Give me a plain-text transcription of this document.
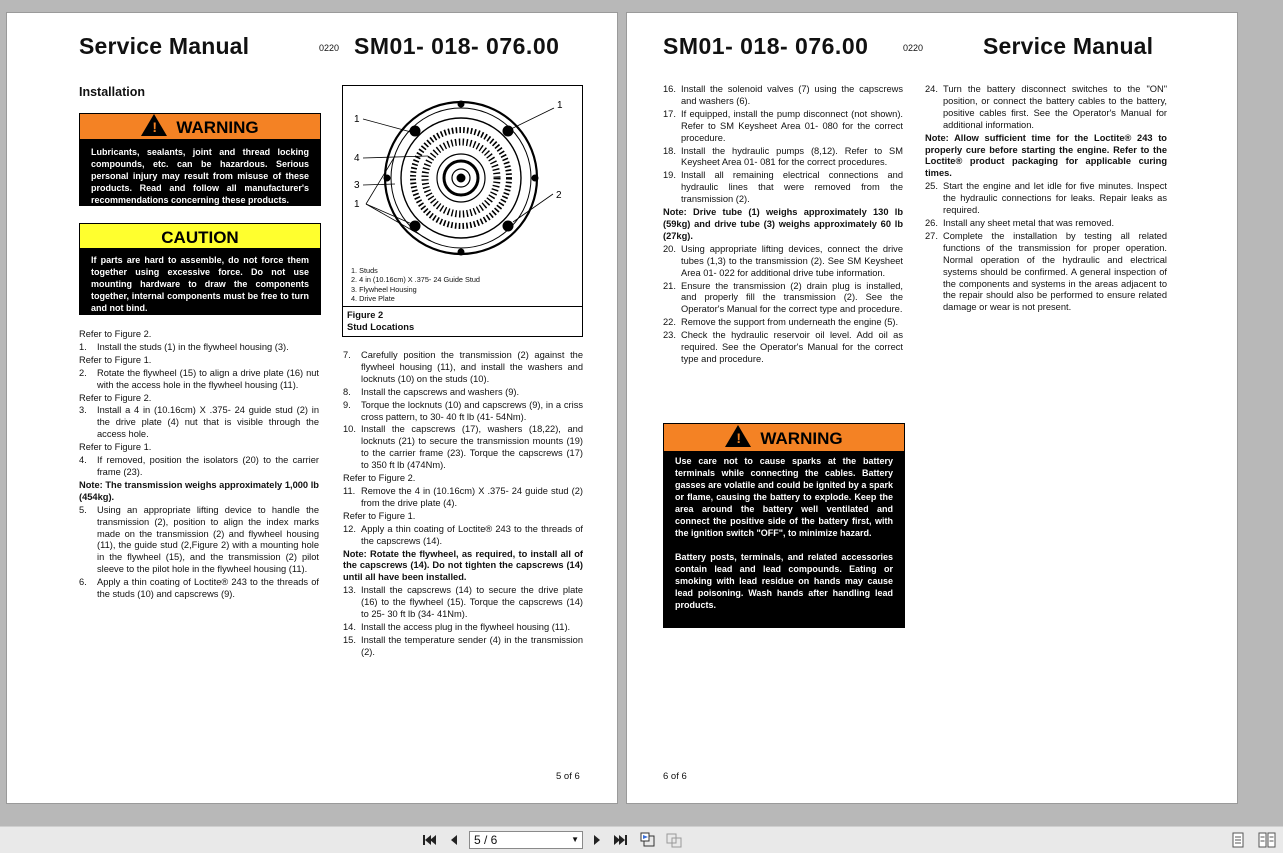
Service Manual	0220 SM01- 018- 076.00
Installation
! WARNING

Lubricants, sealants, joint and thread locking compounds, etc. can be hazardous. Serious personal injury may result from misuse of these products. Read and follow all manufacturer's recommendations concerning these products.

CAUTION

If parts are hard to assemble, do not force them together using excessive force. Do not use mounting hardware to draw the components together, internal components must be free to turn and not bind.

1
1
4
3
1
2
1. Studs
2. 4 in (10.16cm) X .375- 24 Guide Stud
3. Flywheel Housing
4. Drive Plate
Figure 2
Stud Locations

Refer to Figure 2.

1.	Install the studs (1) in the flywheel housing (3).

Refer to Figure 1.

2.	Rotate the flywheel (15) to align a drive plate (16) nut with the access hole in the flywheel housing (11).

Refer to Figure 2.

3.	Install a 4 in (10.16cm) X .375- 24 guide stud (2) in the drive plate (4) nut that is visible through the access hole.

Refer to Figure 1.

4.	If removed, position the isolators (20) to the carrier frame (23).

Note: The transmission weighs approximately 1,000 lb (454kg).

5.	Using an appropriate lifting device to handle the transmission (2), position to align the index marks made on the transmission (2) and flywheel housing (11), the guide stud (2,Figure 2) with a mounting hole in the flywheel (15), and the transmission (2) pilot sleeve to the pilot hole in the flywheel housing (11).
6.	Apply a thin coating of Loctite® 243 to the threads of the studs (10) and capscrews (9).
7.	Carefully position the transmission (2) against the flywheel housing (11), and install the washers and locknuts (10) on the studs (10).
8.	Install the capscrews and washers (9).
9.	Torque the locknuts (10) and capscrews (9), in a criss cross pattern, to 30- 40 ft lb (41- 54Nm).
10. Install the capscrews (17), washers (18,22), and locknuts (21) to secure the transmission mounts (19) to the carrier frame (23). Torque the capscrews (17) to 350 ft lb (474Nm).

Refer to Figure 2.

11. Remove the 4 in (10.16cm) X .375- 24 guide stud (2) from the drive plate (4).

Refer to Figure 1.

12. Apply a thin coating of Loctite® 243 to the threads of the capscrews (14).

Note: Rotate the flywheel, as required, to install all of the capscrews (14). Do not tighten the capscrews (14) until all have been installed.

13. Install the capscrews (14) to secure the drive plate (16) to the flywheel (15). Torque the capscrews (14) to 25- 30 ft lb (34- 41Nm).
14. Install the access plug in the flywheel housing (11).
15. Install the temperature sender (4) in the transmission (2).
5 of 6
SM01- 018- 076.00	0220	Service Manual
16. Install the solenoid valves (7) using the capscrews and washers (6).
17. If equipped, install the pump disconnect (not shown). Refer to SM Keysheet Area 01- 080 for the correct procedure.
18. Install the hydraulic pumps (8,12). Refer to SM Keysheet Area 01- 081 for the correct procedures.
19. Install all remaining electrical connections and hydraulic lines that were removed from the transmission (2).

Note: Drive tube (1) weighs approximately 130 lb (59kg) and drive tube (3) weighs approximately 60 lb (27kg).

20. Using appropriate lifting devices, connect the drive tubes (1,3) to the transmission (2). See SM Keysheet Area 01- 022 for additional drive tube information.
21. Ensure the transmission (2) drain plug is installed, and properly fill the transmission (2). See the Operator's Manual for the correct type and procedure.
22. Remove the support from underneath the engine (5).
23. Check the hydraulic reservoir oil level. Add oil as required. See the Operator's Manual for the correct type and procedure.
! WARNING

Use care not to cause sparks at the battery terminals while connecting the cables. Battery gasses are volatile and could be ignited by a spark or flame, causing the battery to explode. Keep the area around the battery well ventilated and connect the positive side of the battery first, with the ignition switch "OFF", to minimize hazard.

Battery posts, terminals, and related accessories contain lead and lead compounds. Eating or smoking with lead residue on hands may cause lead poisoning. Wash hands after handling lead products.

24. Turn the battery disconnect switches to the "ON" position, or connect the battery cables to the battery, positive cables first. See the Operator's Manual for additional information.

Note: Allow sufficient time for the Loctite® 243 to properly cure before starting the engine. Refer to the Loctite® product packaging for applicable curing times.

25. Start the engine and let idle for five minutes. Inspect the hydraulic connections for leaks. Repair leaks as required.
26. Install any sheet metal that was removed.
27. Complete the installation by testing all related functions of the transmission for proper operation. Normal operation of the hydraulic and electrical systems should be confirmed. A general inspection of the components and systems in the areas adjacent to the repair should also be performed to ensure related damage or wear is not present.
6 of 6
5 / 6	▼
